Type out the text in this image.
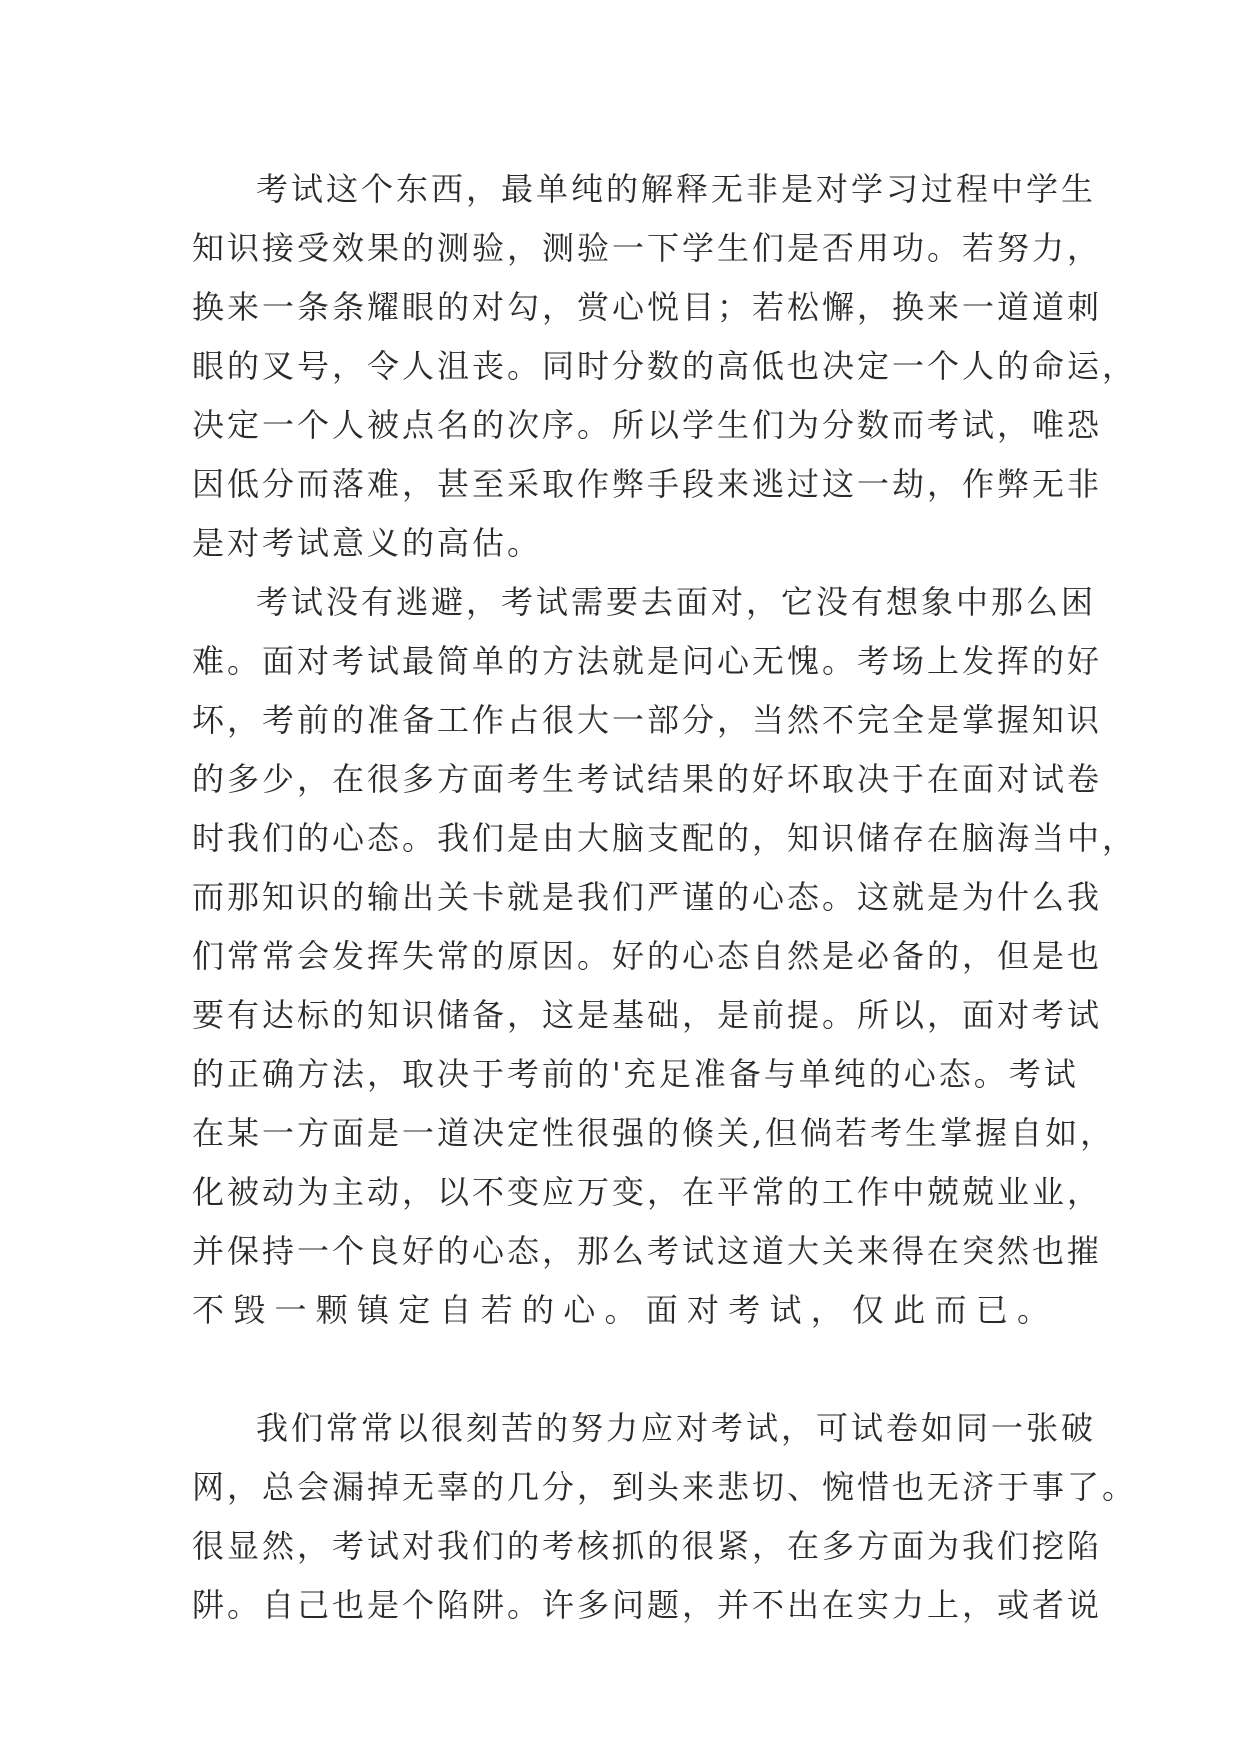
考试这个东西，最单纯的解释无非是对学习过程中学生
知识接受效果的测验，测验一下学生们是否用功。若努力，
换来一条条耀眼的对勾，赏心悦目；若松懈，换来一道道刺
眼的叉号，令人沮丧。同时分数的高低也决定一个人的命运，
决定一个人被点名的次序。所以学生们为分数而考试，唯恐
因低分而落难，甚至采取作弊手段来逃过这一劫，作弊无非
是对考试意义的高估。
考试没有逃避，考试需要去面对，它没有想象中那么困
难。面对考试最简单的方法就是问心无愧。考场上发挥的好
坏，考前的准备工作占很大一部分，当然不完全是掌握知识
的多少，在很多方面考生考试结果的好坏取决于在面对试卷
时我们的心态。我们是由大脑支配的，知识储存在脑海当中，
而那知识的输出关卡就是我们严谨的心态。这就是为什么我
们常常会发挥失常的原因。好的心态自然是必备的，但是也
要有达标的知识储备，这是基础，是前提。所以，面对考试
的正确方法，取决于考前的'充足准备与单纯的心态。考试
在某一方面是一道决定性很强的倏关,但倘若考生掌握自如，
化被动为主动，以不变应万变，在平常的工作中兢兢业业，
并保持一个良好的心态，那么考试这道大关来得在突然也摧
不毁一颗镇定自若的心。面对考试，仅此而已。
我们常常以很刻苦的努力应对考试，可试卷如同一张破
网，总会漏掉无辜的几分，到头来悲切、惋惜也无济于事了。
很显然，考试对我们的考核抓的很紧，在多方面为我们挖陷
阱。自己也是个陷阱。许多问题，并不出在实力上，或者说
